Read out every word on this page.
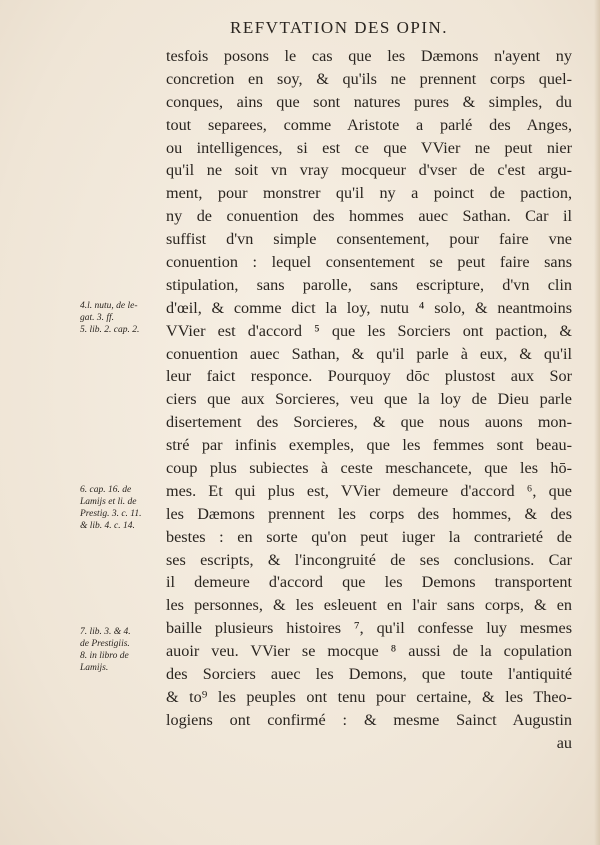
REFVTATION DES OPIN.
tesfois posons le cas que les Dæmons n'ayent ny
concretion en soy, & qu'ils ne prennent corps quel-
conques, ains que sont natures pures & simples, du
tout separees, comme Aristote a parlé des Anges,
ou intelligences, si est ce que VVier ne peut nier
qu'il ne soit vn vray mocqueur d'vser de c'est argu-
ment, pour monstrer qu'il ny a poinct de paction,
ny de conuention des hommes auec Sathan. Car il
suffist d'vn simple consentement, pour faire vne
conuention : lequel consentement se peut faire sans
stipulation, sans parolle, sans escripture, d'vn clin
d'œil, & comme dict la loy, nutu ⁴ solo, & neantmoins
VVier est d'accord ⁵ que les Sorciers ont paction, &
conuention auec Sathan, & qu'il parle à eux, & qu'il
leur faict responce. Pourquoy dōc plustost aux Sor
ciers que aux Sorcieres, veu que la loy de Dieu parle
disertement des Sorcieres, & que nous auons mon-
stré par infinis exemples, que les femmes sont beau-
coup plus subiectes à ceste meschancete, que les hō-
mes. Et qui plus est, VVier demeure d'accord ⁶, que
les Dæmons prennent les corps des hommes, & des
bestes : en sorte qu'on peut iuger la contrarieté de
ses escripts, & l'incongruité de ses conclusions. Car
il demeure d'accord que les Demons transportent
les personnes, & les esleuent en l'air sans corps, & en
baille plusieurs histoires ⁷, qu'il confesse luy mesmes
auoir veu. VVier se mocque ⁸ aussi de la copulation
des Sorciers auec les Demons, que toute l'antiquité
& to⁹ les peuples ont tenu pour certaine, & les Theo-
logiens ont confirmé : & mesme Sainct Augustin
au
4.l. nutu, de le-
gat. 3. ff.
5. lib. 2. cap. 2.
6. cap. 16. de
Lamijs et li. de
Prestig. 3. c. 11.
& lib. 4. c. 14.
7. lib. 3. & 4.
de Prestigiis.
8. in libro de
Lamijs.
